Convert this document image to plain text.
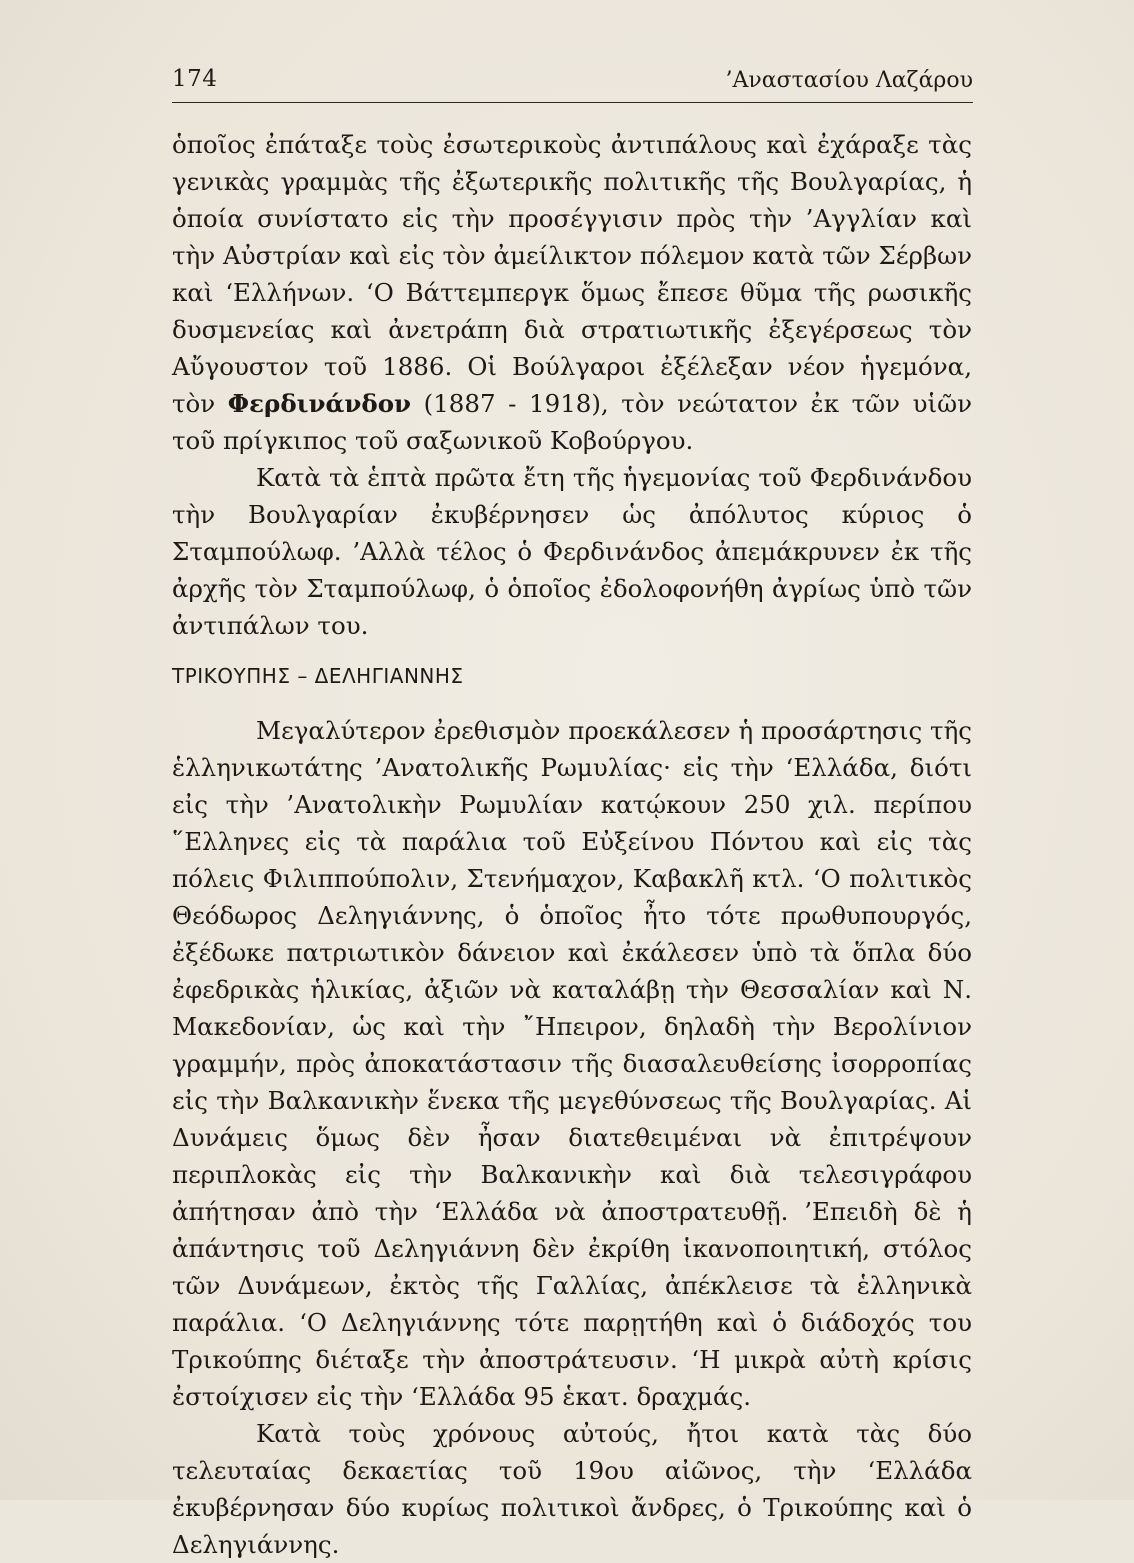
174	’Αναστασίου Λαζάρου

ὁποῖος ἐπάταξε τοὺς ἐσωτερικοὺς ἀντιπάλους καὶ ἐχάραξε τὰς γενικὰς γραμμὰς τῆς ἐξωτερικῆς πολιτικῆς τῆς Βουλγαρίας, ἡ ὁποία συνίστατο εἰς τὴν προσέγγισιν πρὸς τὴν ’Αγγλίαν καὶ τὴν Αὐστρίαν καὶ εἰς τὸν ἀμείλικτον πόλεμον κατὰ τῶν Σέρβων καὶ ‘Ελλήνων. ‘Ο Βάττεμπεργκ ὅμως ἔπεσε θῦμα τῆς ρωσικῆς δυσμενείας καὶ ἀνετράπη διὰ στρατιωτικῆς ἐξεγέρσεως τὸν Αὔγουστον τοῦ 1886. Οἱ Βούλγαροι ἐξέλεξαν νέον ἡγεμόνα, τὸν Φερδινάνδον (1887 - 1918), τὸν νεώτατον ἐκ τῶν υἱῶν τοῦ πρίγκιπος τοῦ σαξωνικοῦ Κοβούργου.

Κατὰ τὰ ἑπτὰ πρῶτα ἔτη τῆς ἡγεμονίας τοῦ Φερδινάνδου τὴν Βουλγαρίαν ἐκυβέρνησεν ὡς ἀπόλυτος κύριος ὁ Σταμπούλωφ. ’Αλλὰ τέλος ὁ Φερδινάνδος ἀπεμάκρυνεν ἐκ τῆς ἀρχῆς τὸν Σταμπούλωφ, ὁ ὁποῖος ἐδολοφονήθη ἀγρίως ὑπὸ τῶν ἀντιπάλων του.

ΤΡΙΚΟΥΠΗΣ – ΔΕΛΗΓΙΑΝΝΗΣ

Μεγαλύτερον ἐρεθισμὸν προεκάλεσεν ἡ προσάρτησις τῆς ἑλληνικωτάτης ’Ανατολικῆς Ρωμυλίας· εἰς τὴν ‘Ελλάδα, διότι εἰς τὴν ’Ανατολικὴν Ρωμυλίαν κατῴκουν 250 χιλ. περίπου ῞Ελληνες εἰς τὰ παράλια τοῦ Εὐξείνου Πόντου καὶ εἰς τὰς πόλεις Φιλιππούπολιν, Στενήμαχον, Καβακλῆ κτλ. ‘Ο πολιτικὸς Θεόδωρος Δεληγιάννης, ὁ ὁποῖος ἦτο τότε πρωθυπουργός, ἐξέδωκε πατριωτικὸν δάνειον καὶ ἐκάλεσεν ὑπὸ τὰ ὅπλα δύο ἐφεδρικὰς ἡλικίας, ἀξιῶν νὰ καταλάβῃ τὴν Θεσσαλίαν καὶ Ν. Μακεδονίαν, ὡς καὶ τὴν ῎Ηπειρον, δηλαδὴ τὴν Βερολίνιον γραμμήν, πρὸς ἀποκατάστασιν τῆς διασαλευθείσης ἰσορροπίας εἰς τὴν Βαλκανικὴν ἕνεκα τῆς μεγεθύνσεως τῆς Βουλγαρίας. Αἱ Δυνάμεις ὅμως δὲν ἦσαν διατεθειμέναι νὰ ἐπιτρέψουν περιπλοκὰς εἰς τὴν Βαλκανικὴν καὶ διὰ τελεσιγράφου ἀπήτησαν ἀπὸ τὴν ‘Ελλάδα νὰ ἀποστρατευθῇ. ’Επειδὴ δὲ ἡ ἀπάντησις τοῦ Δεληγιάννη δὲν ἐκρίθη ἱκανοποιητική, στόλος τῶν Δυνάμεων, ἐκτὸς τῆς Γαλλίας, ἀπέκλεισε τὰ ἑλληνικὰ παράλια. ‘Ο Δεληγιάννης τότε παρῃτήθη καὶ ὁ διάδοχός του Τρικούπης διέταξε τὴν ἀποστράτευσιν. ‘Η μικρὰ αὐτὴ κρίσις ἐστοίχισεν εἰς τὴν ‘Ελλάδα 95 ἑκατ. δραχμάς.

Κατὰ τοὺς χρόνους αὐτούς, ἤτοι κατὰ τὰς δύο τελευταίας δεκαετίας τοῦ 19ου αἰῶνος, τὴν ‘Ελλάδα ἐκυβέρνησαν δύο κυρίως πολιτικοὶ ἄνδρες, ὁ Τρικούπης καὶ ὁ Δεληγιάννης.
